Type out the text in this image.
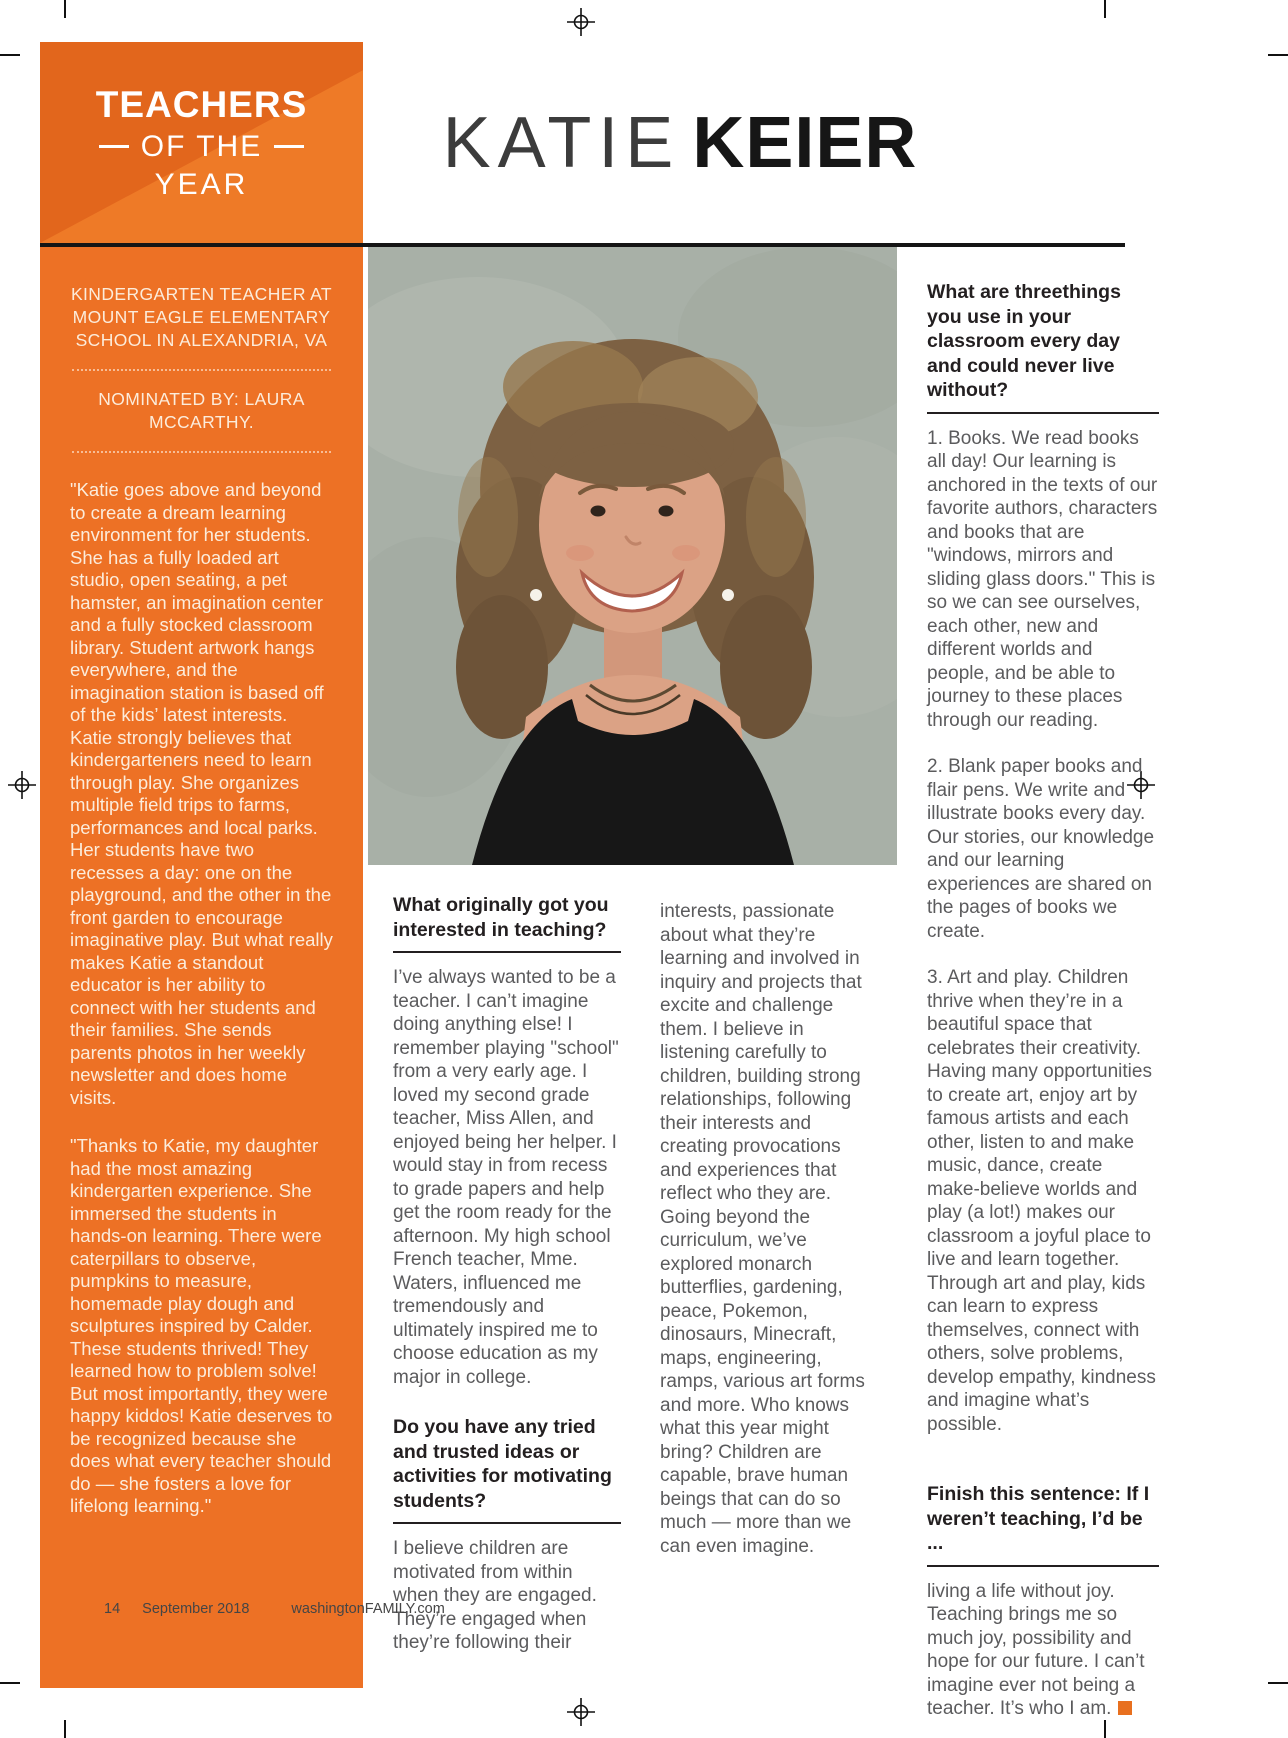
TEACHERS
OF THE
YEAR
KATIE KEIER
KINDERGARTEN TEACHER AT MOUNT EAGLE ELEMENTARY SCHOOL IN ALEXANDRIA, VA
NOMINATED BY: LAURA MCCARTHY.

"Katie goes above and beyond to create a dream learning environment for her students. She has a fully loaded art studio, open seating, a pet hamster, an imagination center and a fully stocked classroom library. Student artwork hangs everywhere, and the imagination station is based off of the kids’ latest interests. Katie strongly believes that kindergarteners need to learn through play. She organizes multiple field trips to farms, performances and local parks. Her students have two recesses a day: one on the playground, and the other in the front garden to encourage imaginative play. But what really makes Katie a standout educator is her ability to connect with her students and their families. She sends parents photos in her weekly newsletter and does home visits.

"Thanks to Katie, my daughter had the most amazing kindergarten experience. She immersed the students in hands-on learning. There were caterpillars to observe, pumpkins to measure, homemade play dough and sculptures inspired by Calder. These students thrived! They learned how to problem solve! But most importantly, they were happy kiddos! Katie deserves to be recognized because she does what every teacher should do — she fosters a love for lifelong learning."

What originally got you interested in teaching?

I’ve always wanted to be a teacher. I can’t imagine doing anything else! I remember playing "school" from a very early age. I loved my second grade teacher, Miss Allen, and enjoyed being her helper. I would stay in from recess to grade papers and help get the room ready for the afternoon. My high school French teacher, Mme. Waters, influenced me tremendously and ultimately inspired me to choose education as my major in college.

Do you have any tried and trusted ideas or activities for motivating students?

I believe children are motivated from within when they are engaged. They’re engaged when they’re following their

interests, passionate about what they’re learning and involved in inquiry and projects that excite and challenge them. I believe in listening carefully to children, building strong relationships, following their interests and creating provocations and experiences that reflect who they are. Going beyond the curriculum, we’ve explored monarch butterflies, gardening, peace, Pokemon, dinosaurs, Minecraft, maps, engineering, ramps, various art forms and more. Who knows what this year might bring? Children are capable, brave human beings that can do so much — more than we can even imagine.

What are threethings you use in your classroom every day and could never live without?

1. Books. We read books all day! Our learning is anchored in the texts of our favorite authors, characters and books that are "windows, mirrors and sliding glass doors." This is so we can see ourselves, each other, new and different worlds and people, and be able to journey to these places through our reading.

2. Blank paper books and flair pens. We write and illustrate books every day. Our stories, our knowledge and our learning experiences are shared on the pages of books we create.

3. Art and play. Children thrive when they’re in a beautiful space that celebrates their creativity. Having many opportunities to create art, enjoy art by famous artists and each other, listen to and make music, dance, create make-believe worlds and play (a lot!) makes our classroom a joyful place to live and learn together. Through art and play, kids can learn to express themselves, connect with others, solve problems, develop empathy, kindness and imagine what’s possible.

Finish this sentence: If I weren’t teaching, I’d be ...

living a life without joy. Teaching brings me so much joy, possibility and hope for our future. I can’t imagine ever not being a teacher. It’s who I am.

14 September 2018	washingtonFAMILY.com
